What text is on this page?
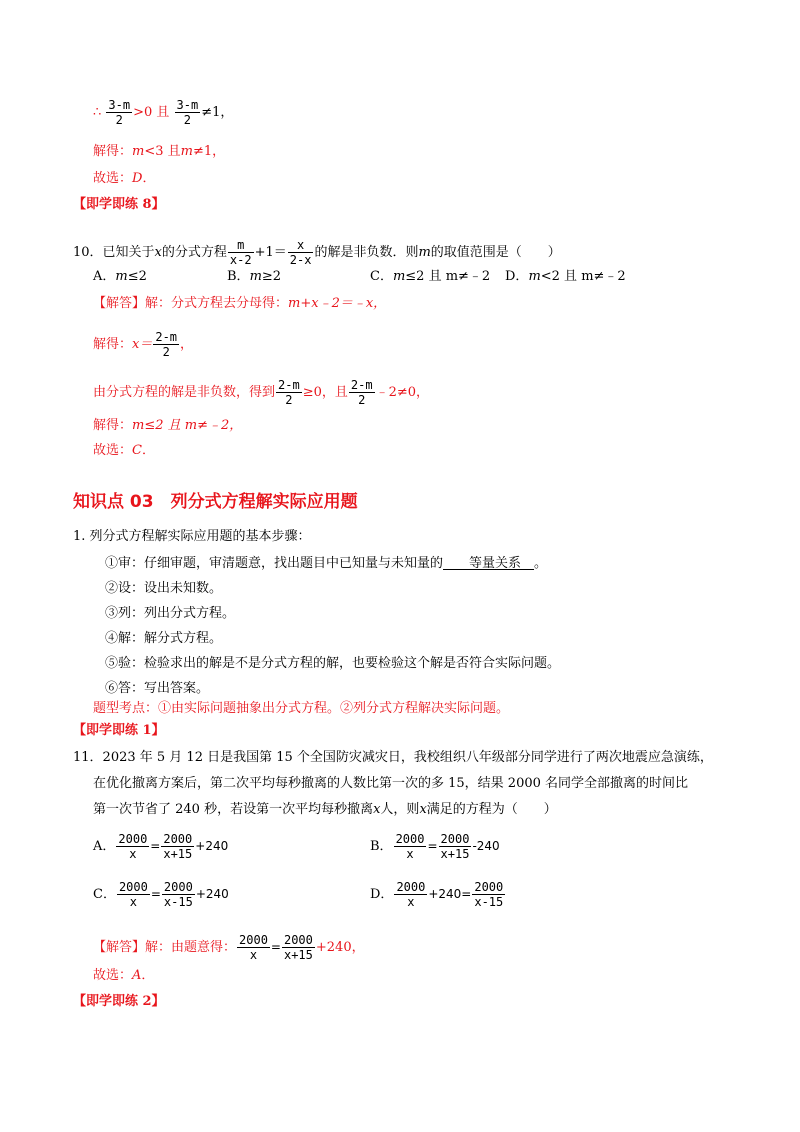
∴ $\frac{3-m}{2} >0$ 且 $\frac{3-m}{2} \ne 1$，
解得：m<3 且m≠1，
故选：D．
【即学即练 8】
10．已知关于x的分式方程 $\frac{m}{x-2} +1= \frac{x}{2-x}$ 的解是非负数．则m的取值范围是（　　）
A．m≤2	B．m≥2	C．m≤2 且 m≠﹣2 D．m<2 且 m≠﹣2
【解答】解：分式方程去分母得：m+x﹣2＝﹣x，
解得：$x= \frac{2-m}{2}$ ，
由分式方程的解是非负数，得到 $\frac{2-m}{2} \ge 0$，且 $\frac{2-m}{2}$ ﹣2≠0，
解得：m≤2 且 m≠﹣2，
故选：C．
知识点 03　列分式方程解实际应用题
1. 列分式方程解实际应用题的基本步骤：
①审：仔细审题，审清题意，找出题目中已知量与未知量的　　等量关系　。
②设：设出未知数。
③列：列出分式方程。
④解：解分式方程。
⑤验：检验求出的解是不是分式方程的解，也要检验这个解是否符合实际问题。
⑥答：写出答案。
题型考点：①由实际问题抽象出分式方程。②列分式方程解决实际问题。
【即学即练 1】
11．2023 年 5 月 12 日是我国第 15 个全国防灾减灾日，我校组织八年级部分同学进行了两次地震应急演练，
在优化撤离方案后，第二次平均每秒撤离的人数比第一次的多 15，结果 2000 名同学全部撤离的时间比
第一次节省了 240 秒，若设第一次平均每秒撤离x人，则x满足的方程为（　　）
A． $\frac{2000}{x} = \frac{2000}{x+15} +240$	B． $\frac{2000}{x} = \frac{2000}{x+15} -240$
C． $\frac{2000}{x} = \frac{2000}{x-15} +240$	D． $\frac{2000}{x} +240= \frac{2000}{x-15}$
【解答】解：由题意得： $\frac{2000}{x} = \frac{2000}{x+15} +240$，
故选：A．
【即学即练 2】
